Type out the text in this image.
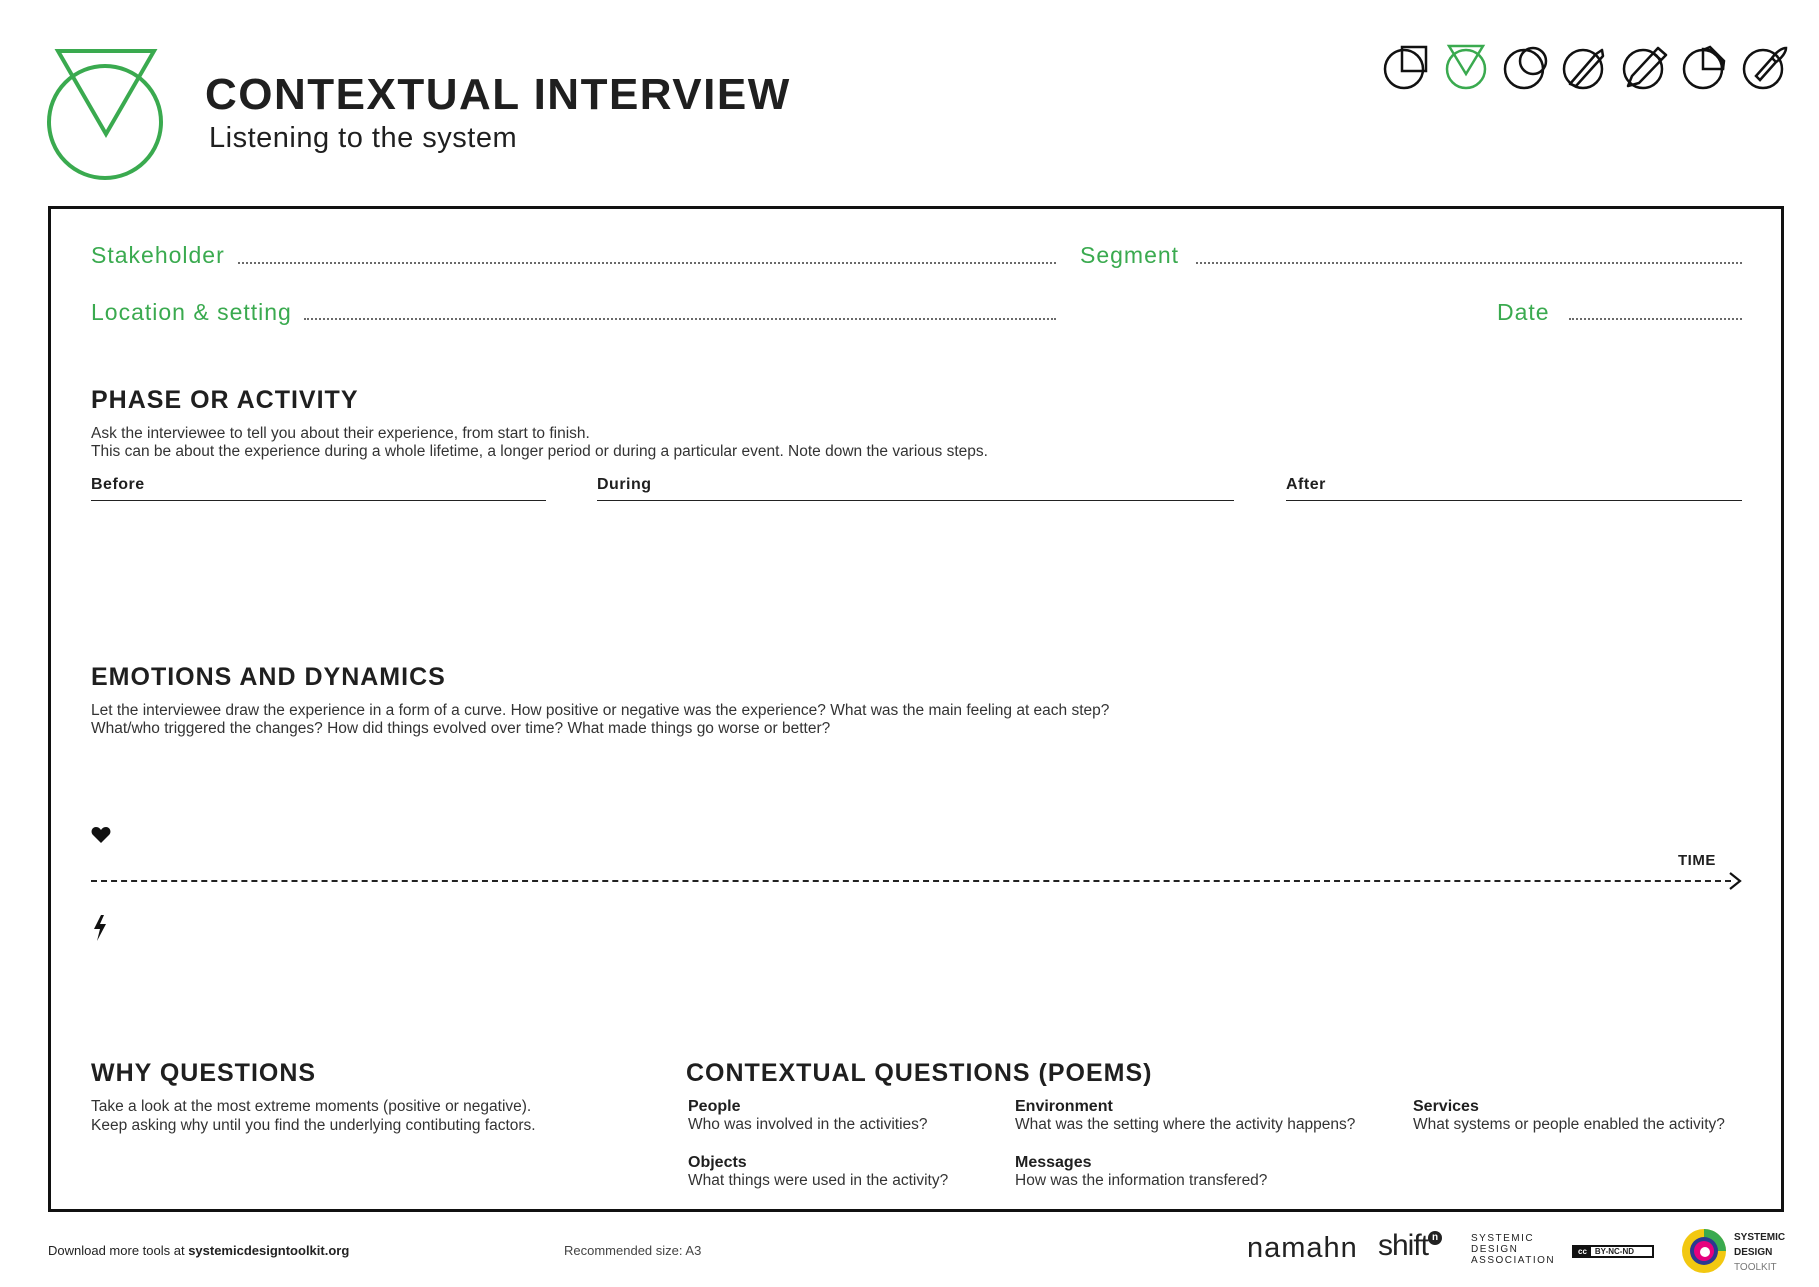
CONTEXTUAL INTERVIEW
Listening to the system
Stakeholder	Segment
Location & setting	Date
PHASE OR ACTIVITY
Ask the interviewee to tell you about their experience, from start to finish.
This can be about the experience during a whole lifetime, a longer period or during a particular event. Note down the various steps.
Before	During	After
EMOTIONS AND DYNAMICS
Let the interviewee draw the experience in a form of a curve. How positive or negative was the experience? What was the main feeling at each step?
What/who triggered the changes? How did things evolved over time? What made things go worse or better?
TIME
WHY QUESTIONS
Take a look at the most extreme moments (positive or negative).
Keep asking why until you find the underlying contibuting factors.
CONTEXTUAL QUESTIONS (POEMS)
People
Who was involved in the activities?
Environment
What was the setting where the activity happens?
Services
What systems or people enabled the activity?
Objects
What things were used in the activity?
Messages
How was the information transfered?
Download more tools at systemicdesigntoolkit.org	Recommended size: A3	namahn shift n	SYSTEMIC
DESIGN
ASSOCIATION
cc	BY-NC-ND
SYSTEMIC
DESIGN
TOOLKIT
